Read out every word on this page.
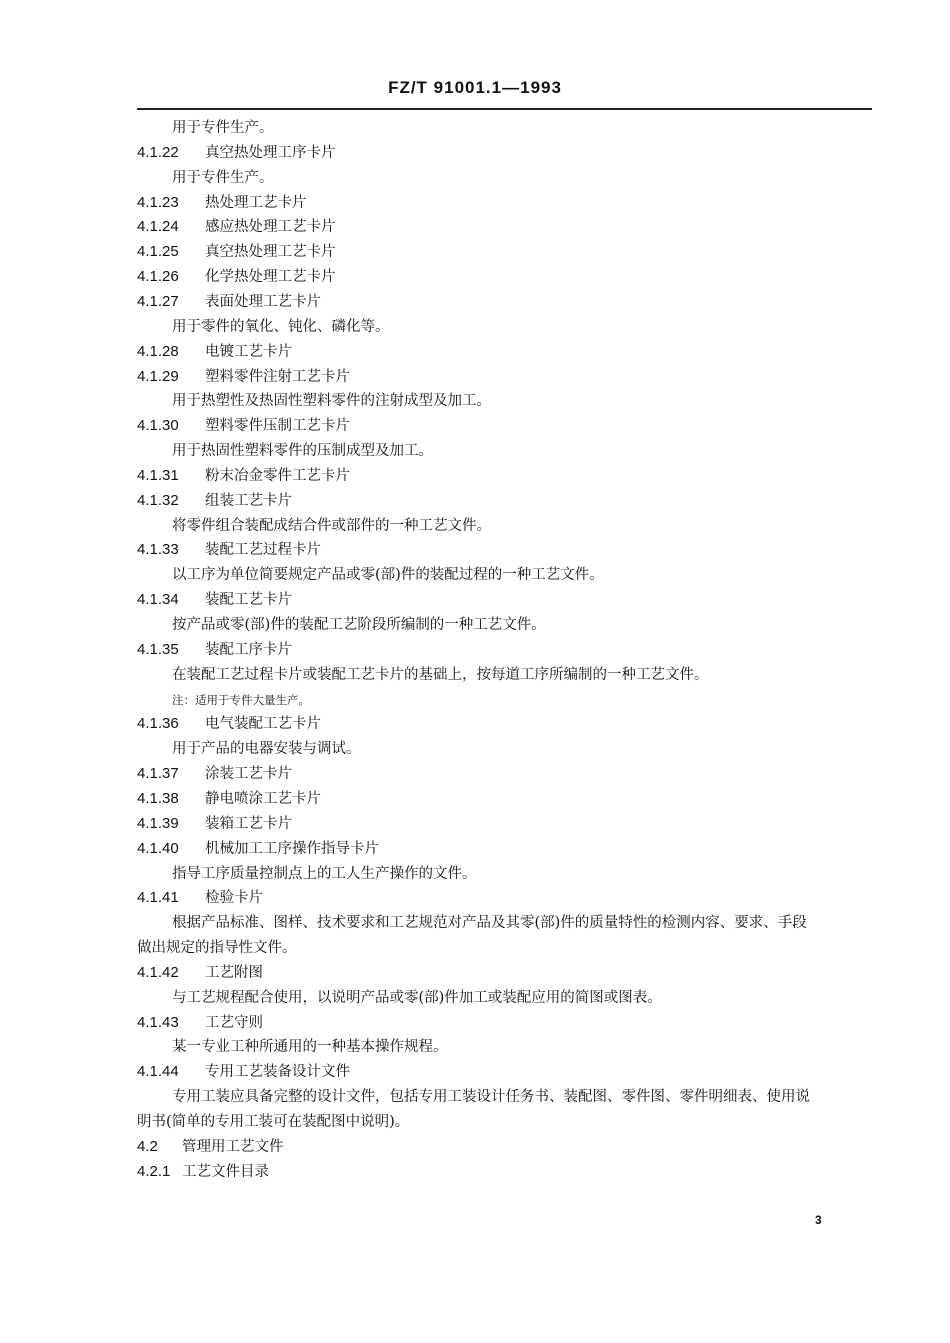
FZ/T 91001.1—1993
用于专件生产。
4.1.22 真空热处理工序卡片
用于专件生产。
4.1.23 热处理工艺卡片
4.1.24 感应热处理工艺卡片
4.1.25 真空热处理工艺卡片
4.1.26 化学热处理工艺卡片
4.1.27 表面处理工艺卡片
用于零件的氧化、钝化、磷化等。
4.1.28 电镀工艺卡片
4.1.29 塑料零件注射工艺卡片
用于热塑性及热固性塑料零件的注射成型及加工。
4.1.30 塑料零件压制工艺卡片
用于热固性塑料零件的压制成型及加工。
4.1.31 粉末冶金零件工艺卡片
4.1.32 组装工艺卡片
将零件组合装配成结合件或部件的一种工艺文件。
4.1.33 装配工艺过程卡片
以工序为单位简要规定产品或零(部)件的装配过程的一种工艺文件。
4.1.34 装配工艺卡片
按产品或零(部)件的装配工艺阶段所编制的一种工艺文件。
4.1.35 装配工序卡片
在装配工艺过程卡片或装配工艺卡片的基础上，按每道工序所编制的一种工艺文件。
注：适用于专件大量生产。
4.1.36 电气装配工艺卡片
用于产品的电器安装与调试。
4.1.37 涂装工艺卡片
4.1.38 静电喷涂工艺卡片
4.1.39 装箱工艺卡片
4.1.40 机械加工工序操作指导卡片
指导工序质量控制点上的工人生产操作的文件。
4.1.41 检验卡片
根据产品标准、图样、技术要求和工艺规范对产品及其零(部)件的质量特性的检测内容、要求、手段
做出规定的指导性文件。
4.1.42 工艺附图
与工艺规程配合使用，以说明产品或零(部)件加工或装配应用的简图或图表。
4.1.43 工艺守则
某一专业工种所通用的一种基本操作规程。
4.1.44 专用工艺装备设计文件
专用工装应具备完整的设计文件，包括专用工装设计任务书、装配图、零件图、零件明细表、使用说
明书(简单的专用工装可在装配图中说明)。
4.2 管理用工艺文件
4.2.1 工艺文件目录
3
